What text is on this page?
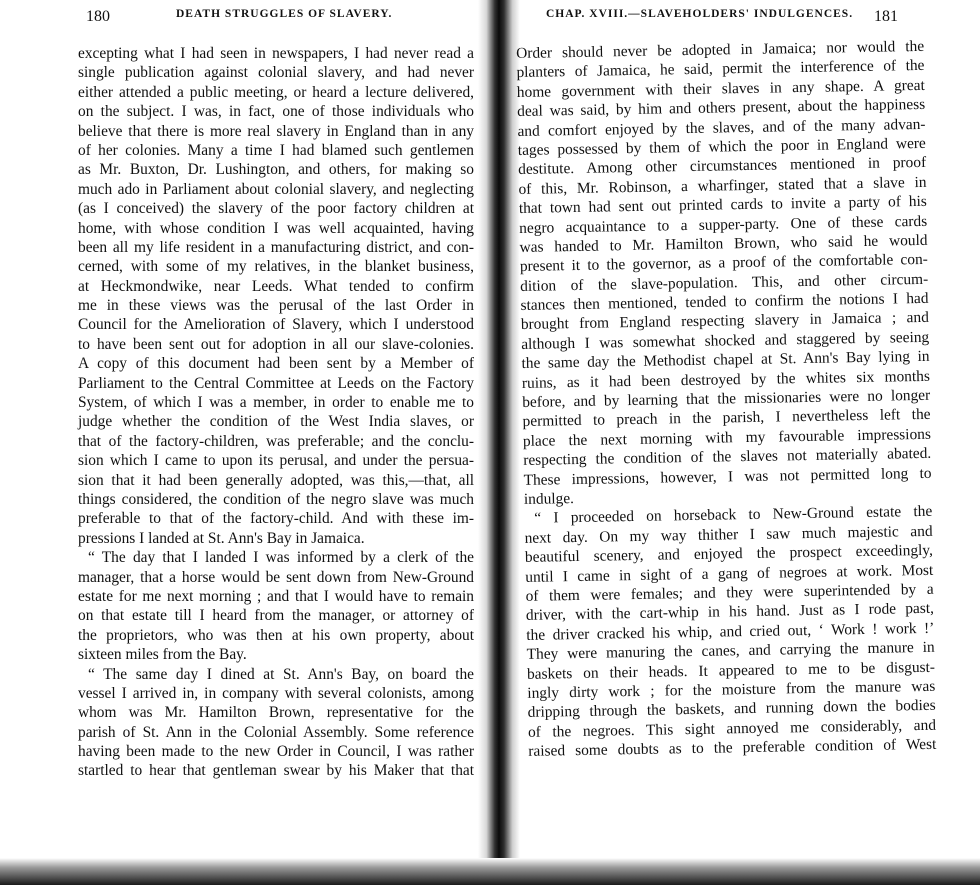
180	DEATH STRUGGLES OF SLAVERY.
excepting what I had seen in newspapers, I had never read a
single publication against colonial slavery, and had never
either attended a public meeting, or heard a lecture delivered,
on the subject. I was, in fact, one of those individuals who
believe that there is more real slavery in England than in any
of her colonies. Many a time I had blamed such gentlemen
as Mr. Buxton, Dr. Lushington, and others, for making so
much ado in Parliament about colonial slavery, and neglecting
(as I conceived) the slavery of the poor factory children at
home, with whose condition I was well acquainted, having
been all my life resident in a manufacturing district, and con-
cerned, with some of my relatives, in the blanket business,
at Heckmondwike, near Leeds. What tended to confirm
me in these views was the perusal of the last Order in
Council for the Amelioration of Slavery, which I understood
to have been sent out for adoption in all our slave-colonies.
A copy of this document had been sent by a Member of
Parliament to the Central Committee at Leeds on the Factory
System, of which I was a member, in order to enable me to
judge whether the condition of the West India slaves, or
that of the factory-children, was preferable; and the conclu-
sion which I came to upon its perusal, and under the persua-
sion that it had been generally adopted, was this,—that, all
things considered, the condition of the negro slave was much
preferable to that of the factory-child. And with these im-
pressions I landed at St. Ann's Bay in Jamaica.
“ The day that I landed I was informed by a clerk of the
manager, that a horse would be sent down from New-Ground
estate for me next morning ; and that I would have to remain
on that estate till I heard from the manager, or attorney of
the proprietors, who was then at his own property, about
sixteen miles from the Bay.
“ The same day I dined at St. Ann's Bay, on board the
vessel I arrived in, in company with several colonists, among
whom was Mr. Hamilton Brown, representative for the
parish of St. Ann in the Colonial Assembly. Some reference
having been made to the new Order in Council, I was rather
startled to hear that gentleman swear by his Maker that that
CHAP. XVIII.—SLAVEHOLDERS' INDULGENCES. 181
Order should never be adopted in Jamaica; nor would the
planters of Jamaica, he said, permit the interference of the
home government with their slaves in any shape. A great
deal was said, by him and others present, about the happiness
and comfort enjoyed by the slaves, and of the many advan-
tages possessed by them of which the poor in England were
destitute. Among other circumstances mentioned in proof
of this, Mr. Robinson, a wharfinger, stated that a slave in
that town had sent out printed cards to invite a party of his
negro acquaintance to a supper-party. One of these cards
was handed to Mr. Hamilton Brown, who said he would
present it to the governor, as a proof of the comfortable con-
dition of the slave-population. This, and other circum-
stances then mentioned, tended to confirm the notions I had
brought from England respecting slavery in Jamaica ; and
although I was somewhat shocked and staggered by seeing
the same day the Methodist chapel at St. Ann's Bay lying in
ruins, as it had been destroyed by the whites six months
before, and by learning that the missionaries were no longer
permitted to preach in the parish, I nevertheless left the
place the next morning with my favourable impressions
respecting the condition of the slaves not materially abated.
These impressions, however, I was not permitted long to
indulge.
“ I proceeded on horseback to New-Ground estate the
next day. On my way thither I saw much majestic and
beautiful scenery, and enjoyed the prospect exceedingly,
until I came in sight of a gang of negroes at work. Most
of them were females; and they were superintended by a
driver, with the cart-whip in his hand. Just as I rode past,
the driver cracked his whip, and cried out, ‘ Work ! work !’
They were manuring the canes, and carrying the manure in
baskets on their heads. It appeared to me to be disgust-
ingly dirty work ; for the moisture from the manure was
dripping through the baskets, and running down the bodies
of the negroes. This sight annoyed me considerably, and
raised some doubts as to the preferable condition of West
